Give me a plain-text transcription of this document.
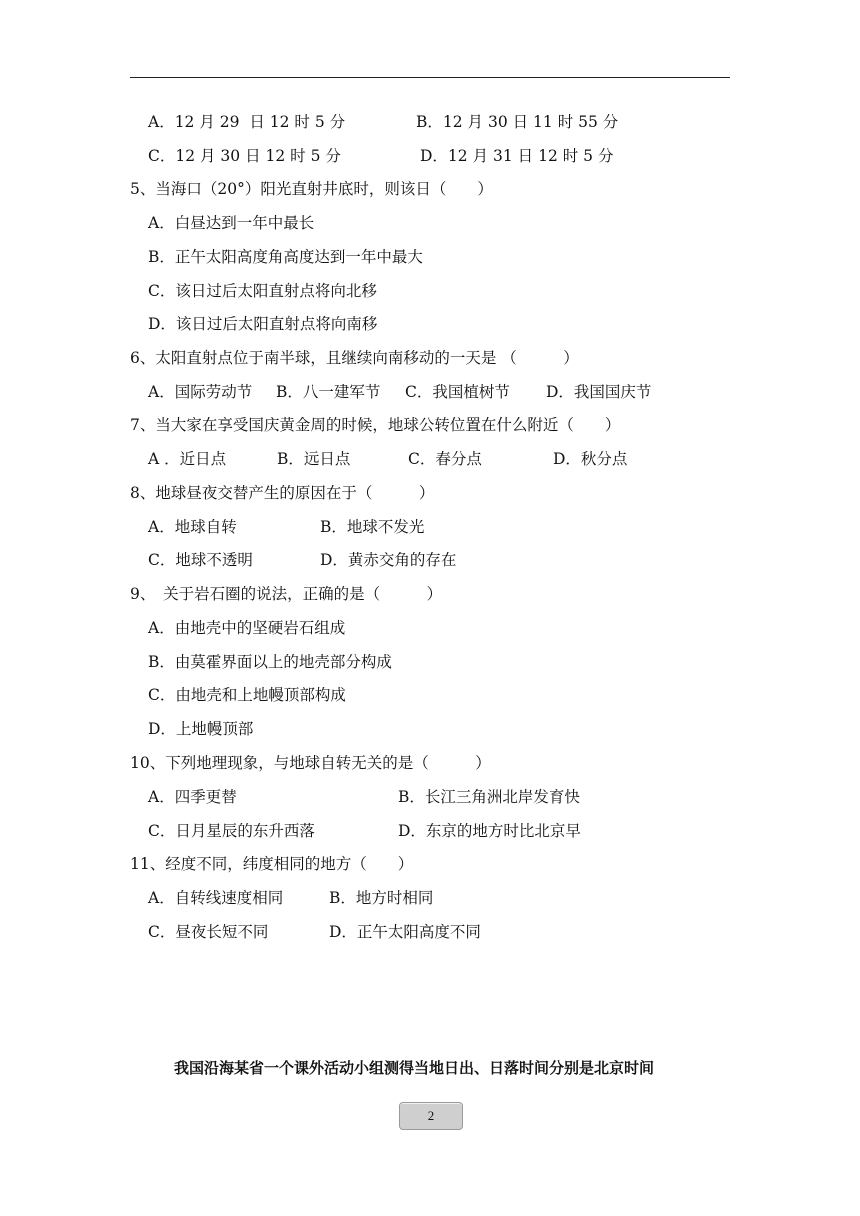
A．12 月 29  日 12 时 5 分	B．12 月 30 日 11 时 55 分
C．12 月 30 日 12 时 5 分	D．12 月 31 日 12 时 5 分
5、当海口（20°）阳光直射井底时，则该日（　　）
A．白昼达到一年中最长
B．正午太阳高度角高度达到一年中最大
C．该日过后太阳直射点将向北移
D．该日过后太阳直射点将向南移
6、太阳直射点位于南半球，且继续向南移动的一天是 （　　　）
A．国际劳动节 B．八一建军节 C．我国植树节 D．我国国庆节
7、当大家在享受国庆黄金周的时候，地球公转位置在什么附近（　　）
A ．近日点	B．远日点	C．春分点	D．秋分点
8、地球昼夜交替产生的原因在于（　　　）
A．地球自转	B．地球不发光
C．地球不透明	D．黄赤交角的存在
9、　关于岩石圈的说法，正确的是（　　　）
A．由地壳中的坚硬岩石组成
B．由莫霍界面以上的地壳部分构成
C．由地壳和上地幔顶部构成
D．上地幔顶部
10、下列地理现象，与地球自转无关的是（　　　）
A．四季更替	B．长江三角洲北岸发育快
C．日月星辰的东升西落	D．东京的地方时比北京早
11、经度不同，纬度相同的地方（　　）
A．自转线速度相同	B．地方时相同
C．昼夜长短不同	D．正午太阳高度不同
我国沿海某省一个课外活动小组测得当地日出、日落时间分别是北京时间
2
